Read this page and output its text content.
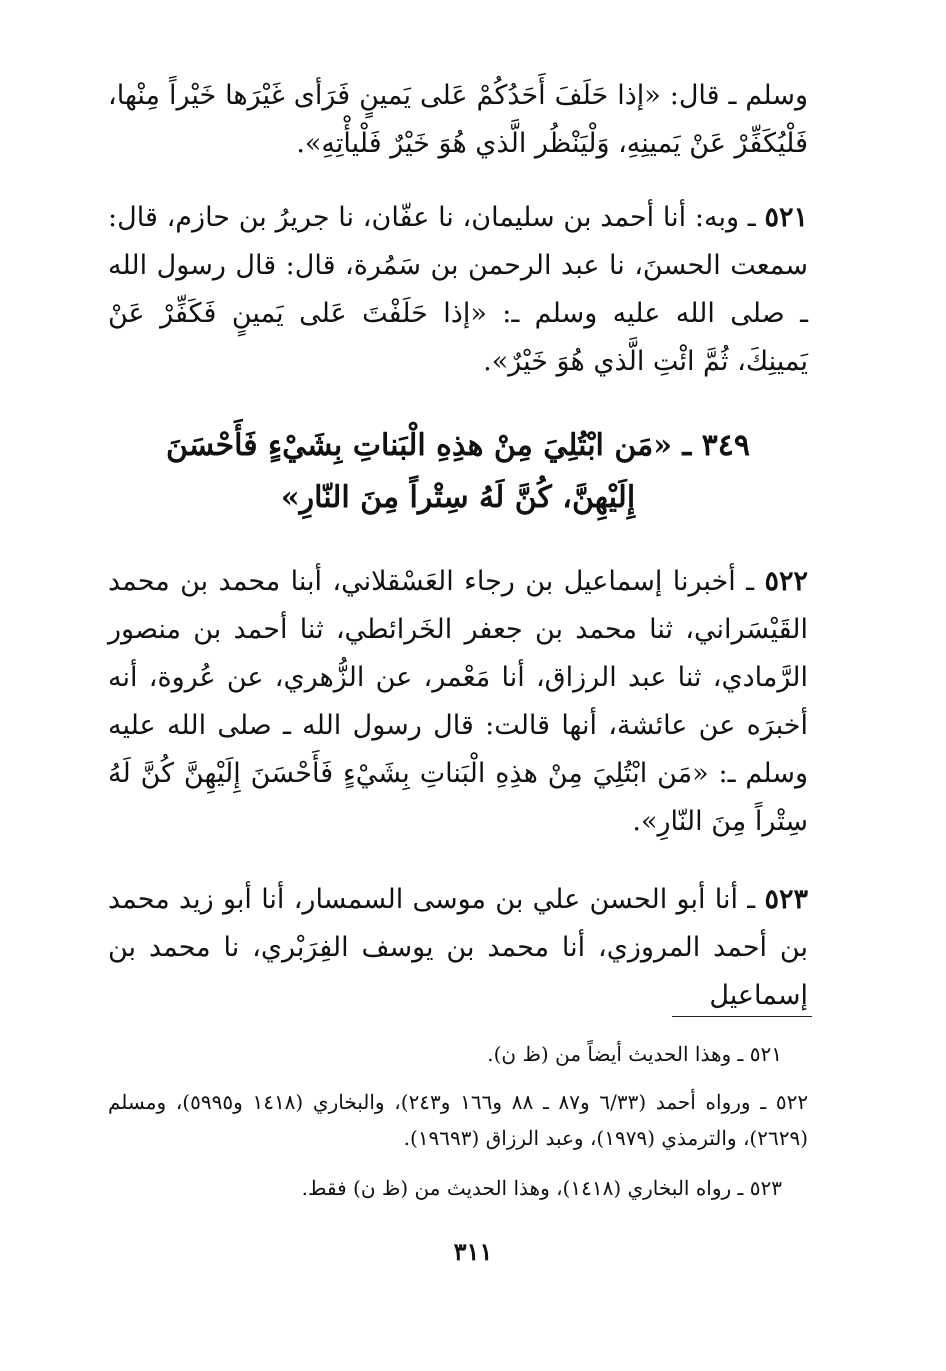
وسلم ـ قال: «إذا حَلَفَ أَحَدُكُمْ عَلى يَمينٍ فَرَأى غَيْرَها خَيْراً مِنْها، فَلْيُكَفِّرْ عَنْ يَمينِهِ، وَلْيَنْظُر الَّذي هُوَ خَيْرٌ فَلْيأْتِهِ».

٥٢١ ـ وبه: أنا أحمد بن سليمان، نا عفّان، نا جريرُ بن حازم، قال: سمعت الحسنَ، نا عبد الرحمن بن سَمُرة، قال: قال رسول الله ـ صلى الله عليه وسلم ـ: «إذا حَلَفْتَ عَلى يَمينٍ فَكَفِّرْ عَنْ يَمينِكَ، ثُمَّ ائْتِ الَّذي هُوَ خَيْرٌ».

٣٤٩ ـ «مَن ابْتُلِيَ مِنْ هذِهِ الْبَناتِ بِشَيْءٍ فَأَحْسَنَ
إِلَيْهِنَّ، كُنَّ لَهُ سِتْراً مِنَ النّارِ»

٥٢٢ ـ أخبرنا إسماعيل بن رجاء العَسْقلاني، أبنا محمد بن محمد القَيْسَراني، ثنا محمد بن جعفر الخَرائطي، ثنا أحمد بن منصور الرَّمادي، ثنا عبد الرزاق، أنا مَعْمر، عن الزُّهري، عن عُروة، أنه أخبرَه عن عائشة، أنها قالت: قال رسول الله ـ صلى الله عليه وسلم ـ: «مَن ابْتُلِيَ مِنْ هذِهِ الْبَناتِ بِشَيْءٍ فَأَحْسَنَ إِلَيْهِنَّ كُنَّ لَهُ سِتْراً مِنَ النّارِ».

٥٢٣ ـ أنا أبو الحسن علي بن موسى السمسار، أنا أبو زيد محمد بن أحمد المروزي، أنا محمد بن يوسف الفِرَبْري، نا محمد بن إسماعيل

٥٢١ ـ وهذا الحديث أيضاً من (ظ ن).

٥٢٢ ـ ورواه أحمد (٦/٣٣ و٨٧ ـ ٨٨ و١٦٦ و٢٤٣)، والبخاري (١٤١٨ و٥٩٩٥)، ومسلم (٢٦٢٩)، والترمذي (١٩٧٩)، وعبد الرزاق (١٩٦٩٣).

٥٢٣ ـ رواه البخاري (١٤١٨)، وهذا الحديث من (ظ ن) فقط.

٣١١
